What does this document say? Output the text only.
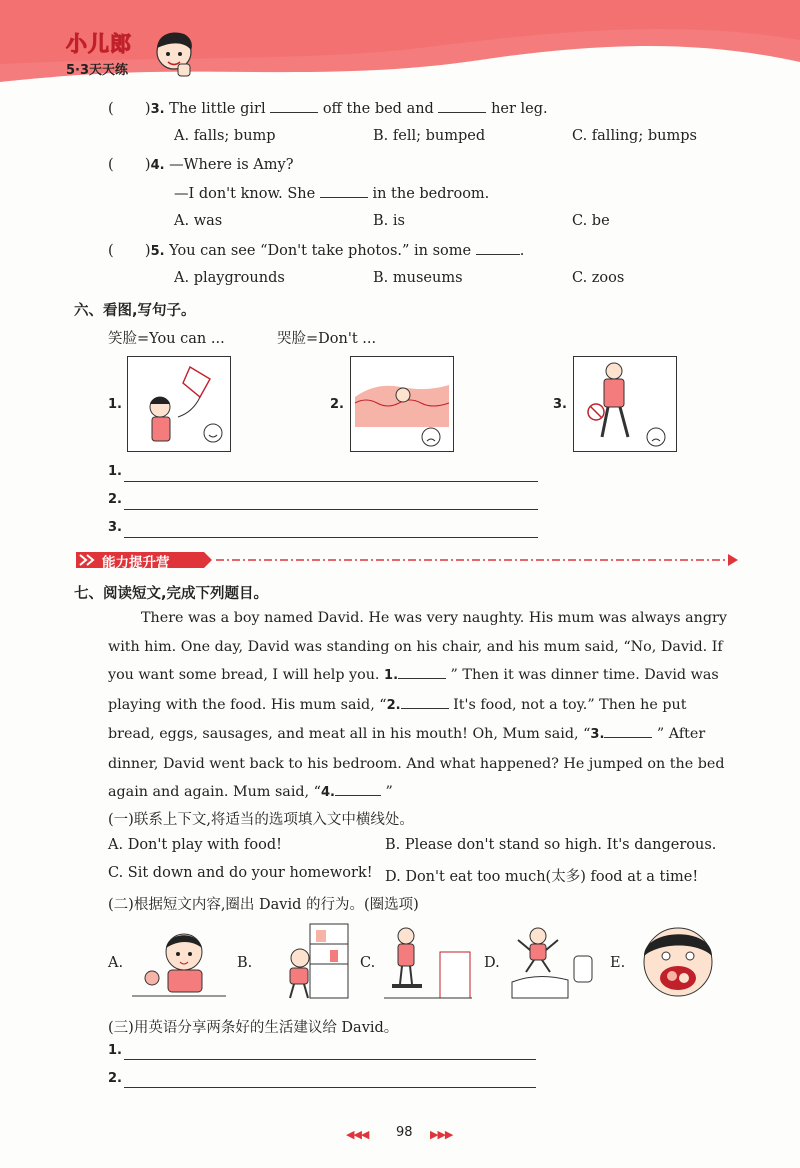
小儿郎
5·3天天练
( )3. The little girl	off the bed and	her leg.
A. falls; bump	B. fell; bumped	C. falling; bumps
( )4. —Where is Amy?
—I don't know. She	in the bedroom.
A. was	B. is	C. be
( )5. You can see “Don't take photos.” in some	.
A. playgrounds	B. museums	C. zoos
六、看图,写句子。
笑脸=You can ...	哭脸=Don't ...
1.	2.	3.
1.
2.
3.
能力提升营
七、阅读短文,完成下列题目。
There was a boy named David. He was very naughty. His mum was always angry
with him. One day, David was standing on his chair, and his mum said, “No, David. If
you want some bread, I will help you. 1.	” Then it was dinner time. David was
playing with the food. His mum said, “2.	It's food, not a toy.” Then he put
bread, eggs, sausages, and meat all in his mouth! Oh, Mum said, “3.	” After
dinner, David went back to his bedroom. And what happened? He jumped on the bed
again and again. Mum said, “4.	”
(一)联系上下文,将适当的选项填入文中横线处。
A. Don't play with food!	B. Please don't stand so high. It's dangerous.
C. Sit down and do your homework! D. Don't eat too much(太多) food at a time!
(二)根据短文内容,圈出 David 的行为。(圈选项)
A.	B.	C.	D.	E.
(三)用英语分享两条好的生活建议给 David。
1.
2.
◀◀◀ 98 ▶▶▶
